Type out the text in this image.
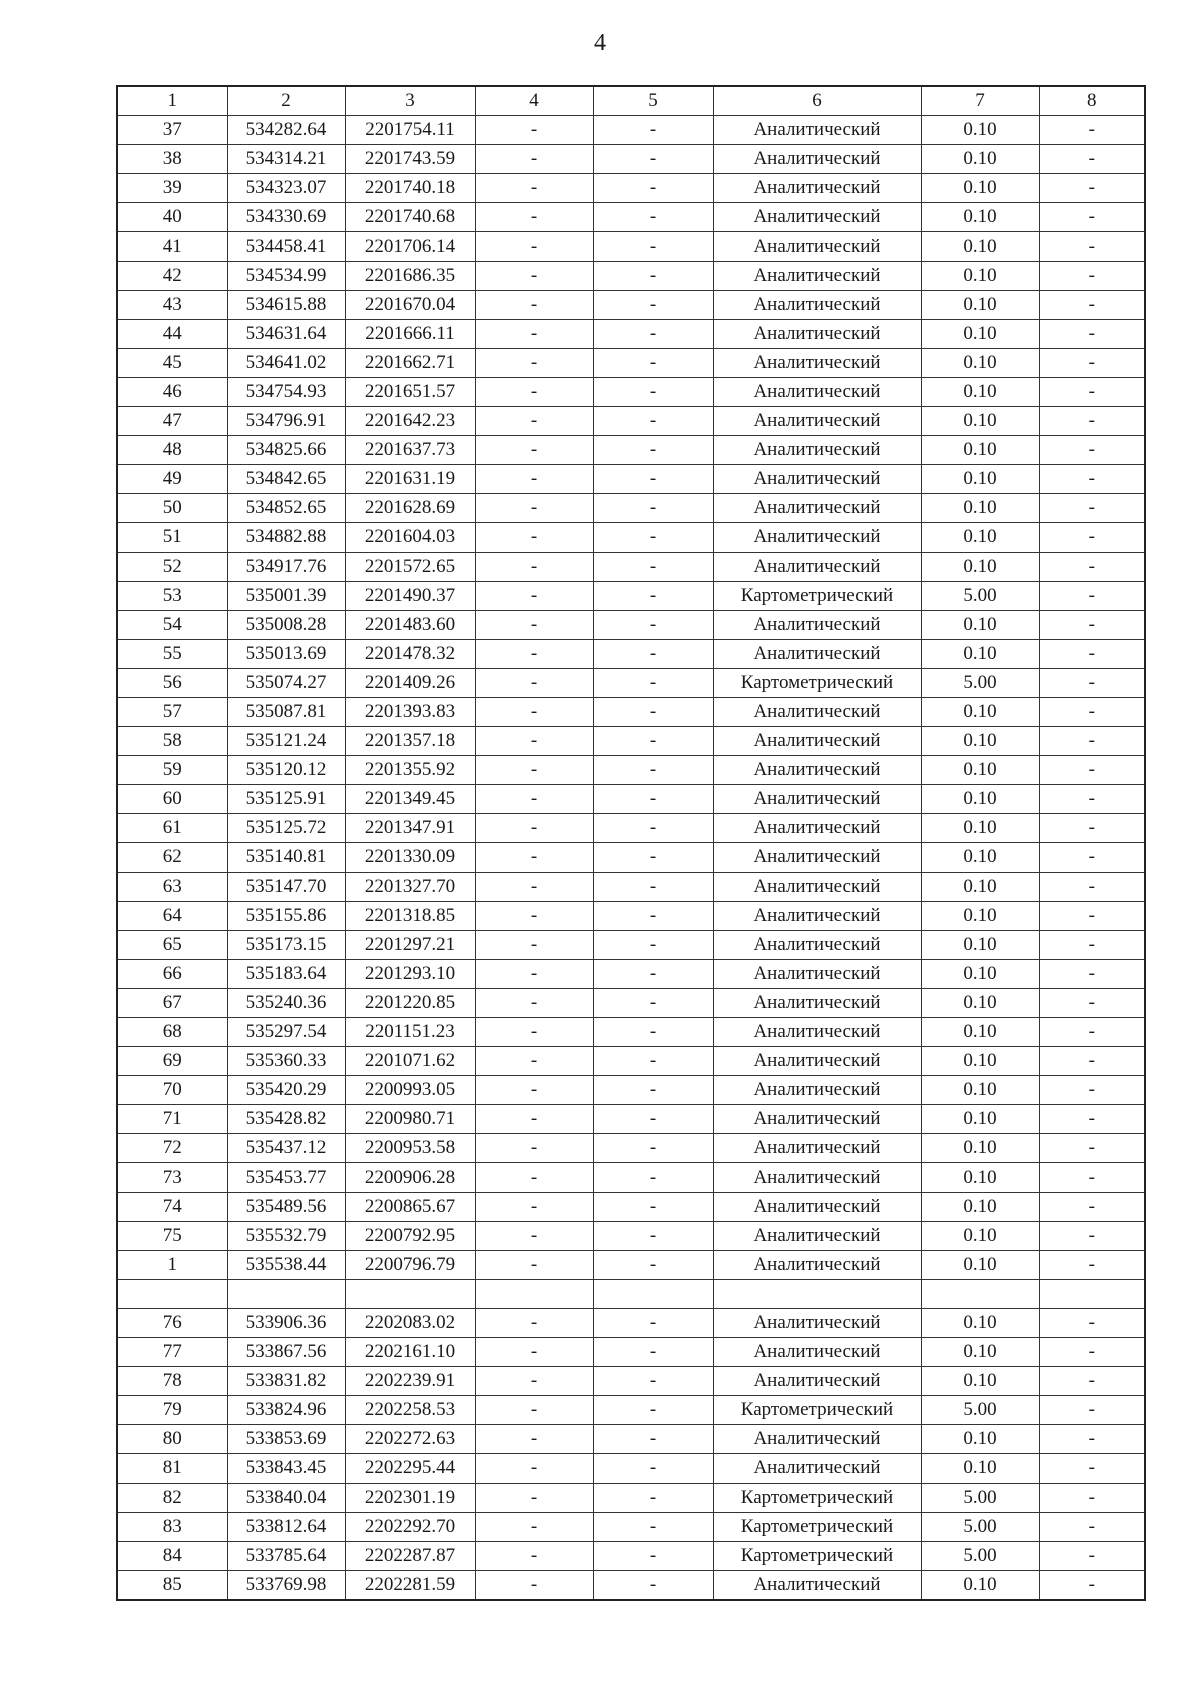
4
1	2	3	4	5	6	7	8
37	534282.64	2201754.11	-	-	Аналитический	0.10	-
38	534314.21	2201743.59	-	-	Аналитический	0.10	-
39	534323.07	2201740.18	-	-	Аналитический	0.10	-
40	534330.69	2201740.68	-	-	Аналитический	0.10	-
41	534458.41	2201706.14	-	-	Аналитический	0.10	-
42	534534.99	2201686.35	-	-	Аналитический	0.10	-
43	534615.88	2201670.04	-	-	Аналитический	0.10	-
44	534631.64	2201666.11	-	-	Аналитический	0.10	-
45	534641.02	2201662.71	-	-	Аналитический	0.10	-
46	534754.93	2201651.57	-	-	Аналитический	0.10	-
47	534796.91	2201642.23	-	-	Аналитический	0.10	-
48	534825.66	2201637.73	-	-	Аналитический	0.10	-
49	534842.65	2201631.19	-	-	Аналитический	0.10	-
50	534852.65	2201628.69	-	-	Аналитический	0.10	-
51	534882.88	2201604.03	-	-	Аналитический	0.10	-
52	534917.76	2201572.65	-	-	Аналитический	0.10	-
53	535001.39	2201490.37	-	-	Картометрический	5.00	-
54	535008.28	2201483.60	-	-	Аналитический	0.10	-
55	535013.69	2201478.32	-	-	Аналитический	0.10	-
56	535074.27	2201409.26	-	-	Картометрический	5.00	-
57	535087.81	2201393.83	-	-	Аналитический	0.10	-
58	535121.24	2201357.18	-	-	Аналитический	0.10	-
59	535120.12	2201355.92	-	-	Аналитический	0.10	-
60	535125.91	2201349.45	-	-	Аналитический	0.10	-
61	535125.72	2201347.91	-	-	Аналитический	0.10	-
62	535140.81	2201330.09	-	-	Аналитический	0.10	-
63	535147.70	2201327.70	-	-	Аналитический	0.10	-
64	535155.86	2201318.85	-	-	Аналитический	0.10	-
65	535173.15	2201297.21	-	-	Аналитический	0.10	-
66	535183.64	2201293.10	-	-	Аналитический	0.10	-
67	535240.36	2201220.85	-	-	Аналитический	0.10	-
68	535297.54	2201151.23	-	-	Аналитический	0.10	-
69	535360.33	2201071.62	-	-	Аналитический	0.10	-
70	535420.29	2200993.05	-	-	Аналитический	0.10	-
71	535428.82	2200980.71	-	-	Аналитический	0.10	-
72	535437.12	2200953.58	-	-	Аналитический	0.10	-
73	535453.77	2200906.28	-	-	Аналитический	0.10	-
74	535489.56	2200865.67	-	-	Аналитический	0.10	-
75	535532.79	2200792.95	-	-	Аналитический	0.10	-
1	535538.44	2200796.79	-	-	Аналитический	0.10	-

76	533906.36	2202083.02	-	-	Аналитический	0.10	-
77	533867.56	2202161.10	-	-	Аналитический	0.10	-
78	533831.82	2202239.91	-	-	Аналитический	0.10	-
79	533824.96	2202258.53	-	-	Картометрический	5.00	-
80	533853.69	2202272.63	-	-	Аналитический	0.10	-
81	533843.45	2202295.44	-	-	Аналитический	0.10	-
82	533840.04	2202301.19	-	-	Картометрический	5.00	-
83	533812.64	2202292.70	-	-	Картометрический	5.00	-
84	533785.64	2202287.87	-	-	Картометрический	5.00	-
85	533769.98	2202281.59	-	-	Аналитический	0.10	-
